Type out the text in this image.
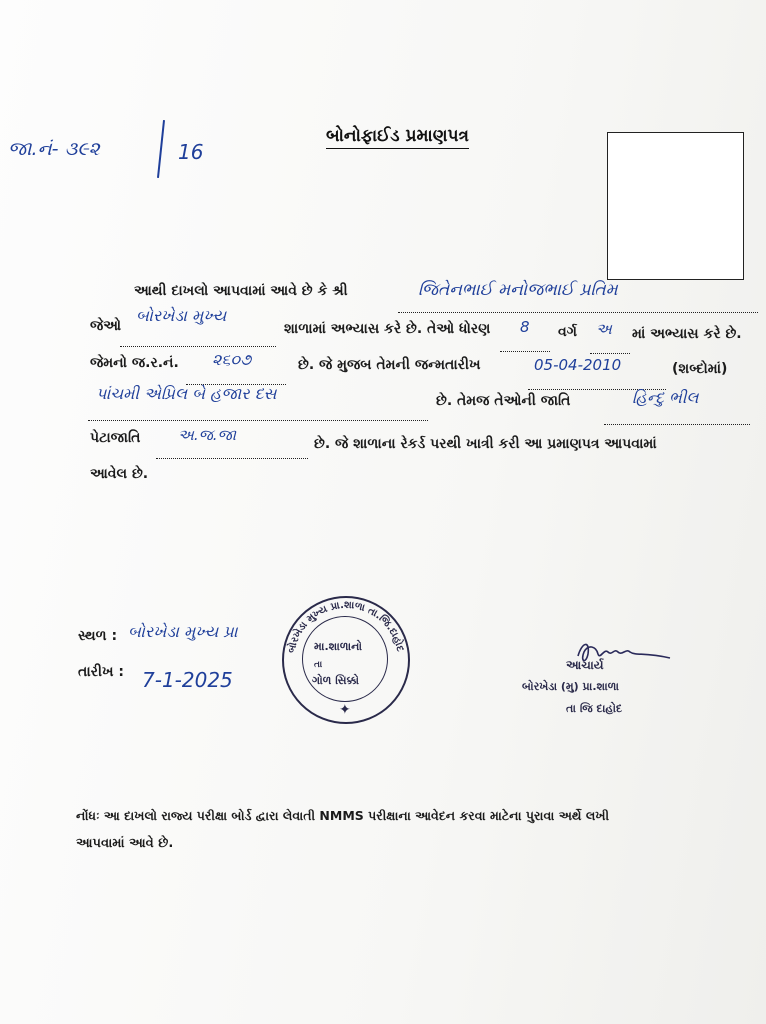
જા.નં- ૩૯૨	16
બોનોફાઈડ પ્રમાણપત્ર
આથી દાખલો આપવામાં આવે છે કે શ્રી	જિતેનભાઈ મનોજભાઈ પ્રતિમ
જેઓ
બોરખેડા મુખ્ય
શાળામાં અભ્યાસ કરે છે. તેઓ ધોરણ 8 વર્ગ અ માં અભ્યાસ કરે છે.
જેમનો જ.ર.નં. ૨૬૦૭	છે. જે મુજબ તેમની જન્મતારીખ	05-04-2010	(શબ્દોમાં)
પાંચમી એપ્રિલ બે હજાર દસ	છે. તેમજ તેઓની જાતિ	હિન્દુ ભીલ
પેટાજાતિ	અ.જ.જા	છે. જે શાળાના રેકર્ડ પરથી ખાત્રી કરી આ પ્રમાણપત્ર આપવામાં
આવેલ છે.
સ્થળ : બોરખેડા મુખ્ય પ્રા
તારીખ : 7-1-2025
બોરખેડા મુખ્ય પ્રા.શાળા તા.જિ.દાહોદ
મા.શાળાનો
તા
ગોળ સિક્કો
✦
આચાર્ય
બોરખેડા (મુ) પ્રા.શાળા
તા જિ દાહોદ
નોંધઃ આ દાખલો રાજ્ય પરીક્ષા બોર્ડ દ્વારા લેવાતી NMMS પરીક્ષાના આવેદન કરવા માટેના પુરાવા અર્થે લખી
આપવામાં આવે છે.
